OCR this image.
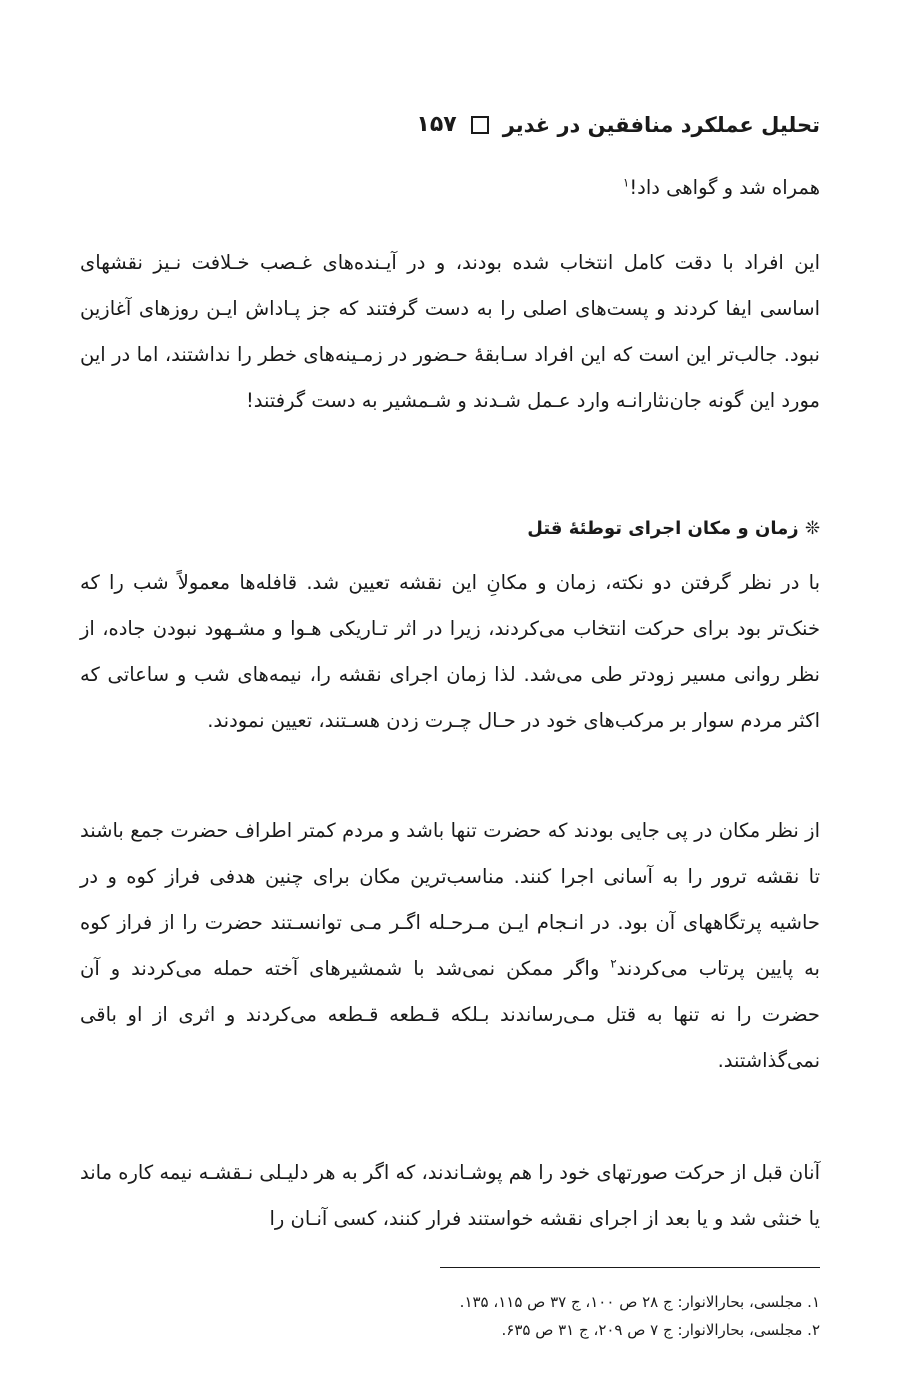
تحلیل عملکرد منافقین در غدیر
۱۵۷

همراه شد و گواهی داد!$^۱$

این افراد با دقت کامل انتخاب شده بودند، و در آیـنده‌های غـصب خـلافت نـیز نقشهای اساسی ایفا کردند و پست‌های اصلی را به دست گرفتند که جز پـاداش ایـن روزهای آغازین نبود. جالب‌تر این است که این افراد سـابقهٔ حـضور در زمـینه‌های خطر را نداشتند، اما در این مورد این گونه جان‌نثارانـه وارد عـمل شـدند و شـمشیر به دست گرفتند!

❊ زمان و مکان اجرای توطئهٔ قتل

با در نظر گرفتن دو نکته، زمان و مکانِ این نقشه تعیین شد. قافله‌ها معمولاً شب را که خنک‌تر بود برای حرکت انتخاب می‌کردند، زیرا در اثر تـاریکی هـوا و مشـهود نبودن جاده، از نظر روانی مسیر زودتر طی می‌شد. لذا زمان اجرای نقشه را، نیمه‌های شب و ساعاتی که اکثر مردم سوار بر مرکب‌های خود در حـال چـرت زدن هسـتند، تعیین نمودند.

از نظر مکان در پی جایی بودند که حضرت تنها باشد و مردم کمتر اطراف حضرت جمع باشند تا نقشه ترور را به آسانی اجرا کنند. مناسب‌ترین مکان برای چنین هدفی فراز کوه و در حاشیه پرتگاههای آن بود. در انـجام ایـن مـرحـله اگـر مـی توانسـتند حضرت را از فراز کوه به پایین پرتاب می‌کردند$^۲$ واگر ممکن نمی‌شد با شمشیرهای آخته حمله می‌کردند و آن حضرت را نه تنها به قتل مـی‌رساندند بـلکه قـطعه قـطعه می‌کردند و اثری از او باقی نمی‌گذاشتند.

آنان قبل از حرکت صورتهای خود را هم پوشـاندند، که اگر به هر دلیـلی نـقشـه نیمه کاره ماند یا خنثی شد و یا بعد از اجرای نقشه خواستند فرار کنند، کسی آنـان را

۱. مجلسی، بحارالانوار: ج ۲۸ ص ۱۰۰، ج ۳۷ ص ۱۱۵، ۱۳۵.

۲. مجلسی، بحارالانوار: ج ۷ ص ۲۰۹، ج ۳۱ ص ۶۳۵.
